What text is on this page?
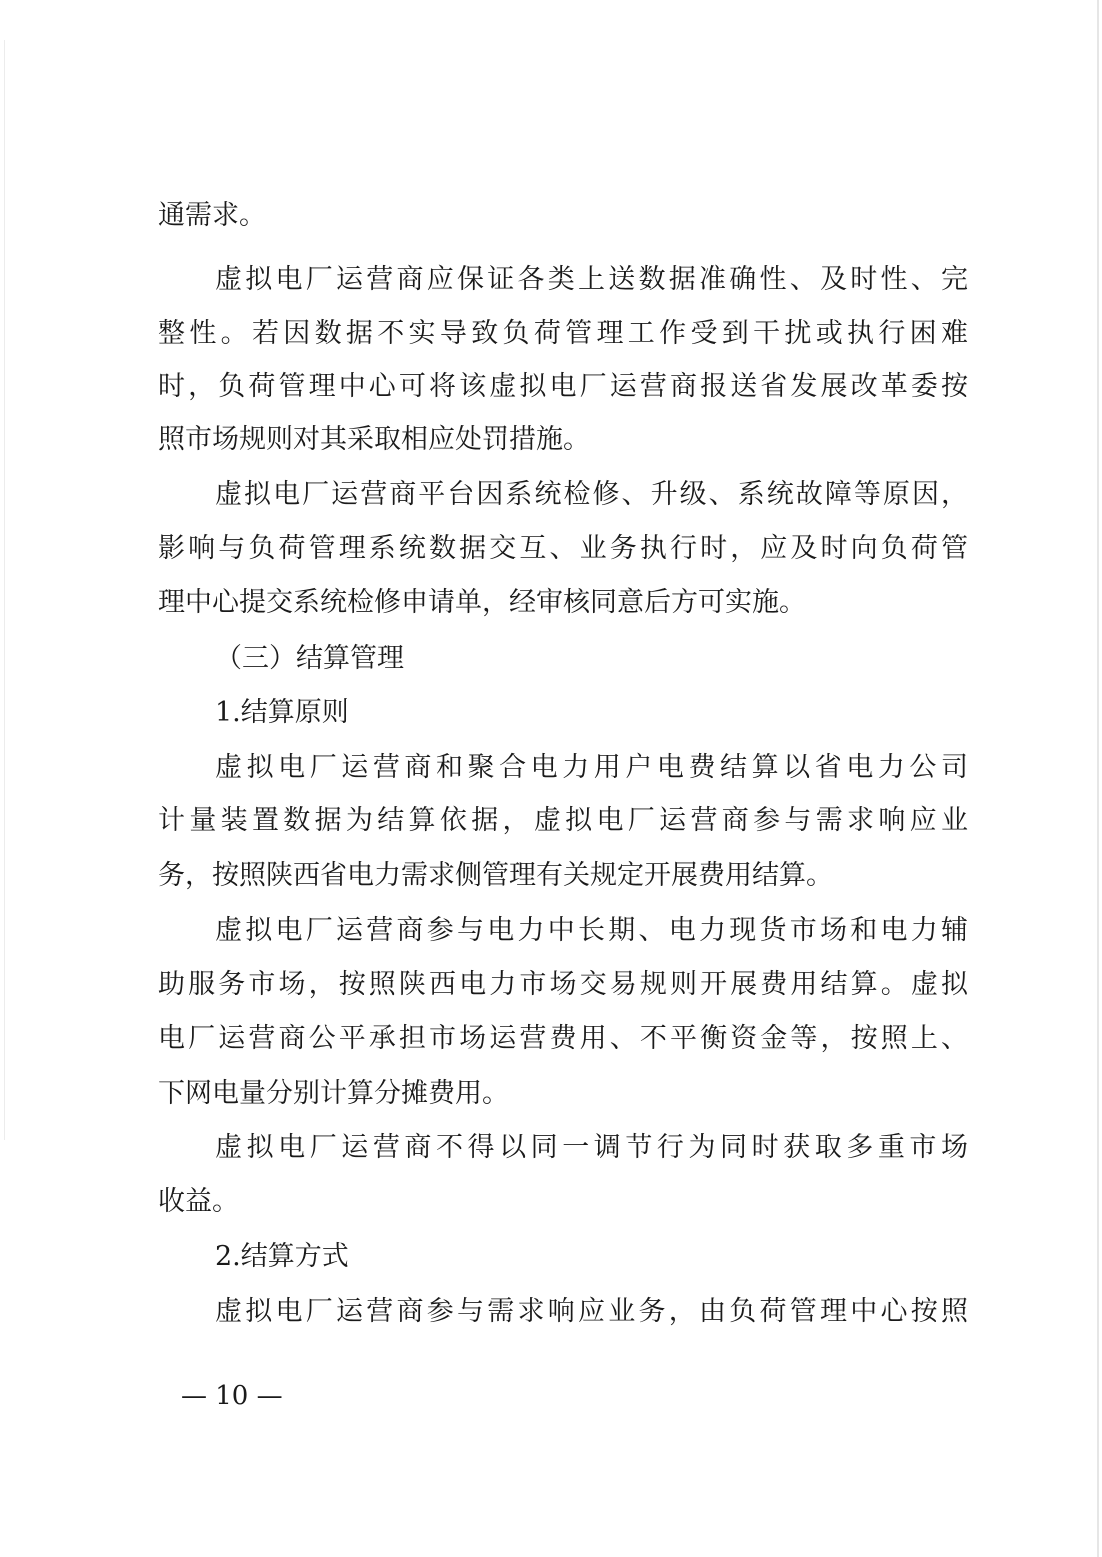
通需求。

虚拟电厂运营商应保证各类上送数据准确性、及时性、完

整性。若因数据不实导致负荷管理工作受到干扰或执行困难

时，负荷管理中心可将该虚拟电厂运营商报送省发展改革委按

照市场规则对其采取相应处罚措施。

虚拟电厂运营商平台因系统检修、升级、系统故障等原因，

影响与负荷管理系统数据交互、业务执行时，应及时向负荷管

理中心提交系统检修申请单，经审核同意后方可实施。

（三）结算管理

1.结算原则

虚拟电厂运营商和聚合电力用户电费结算以省电力公司

计量装置数据为结算依据，虚拟电厂运营商参与需求响应业

务，按照陕西省电力需求侧管理有关规定开展费用结算。

虚拟电厂运营商参与电力中长期、电力现货市场和电力辅

助服务市场，按照陕西电力市场交易规则开展费用结算。虚拟

电厂运营商公平承担市场运营费用、不平衡资金等，按照上、

下网电量分别计算分摊费用。

虚拟电厂运营商不得以同一调节行为同时获取多重市场

收益。

2.结算方式

虚拟电厂运营商参与需求响应业务，由负荷管理中心按照

— 10 —
